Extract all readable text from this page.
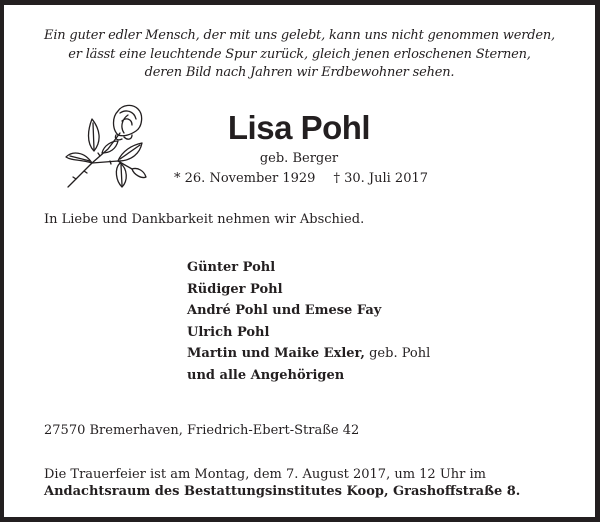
Ein guter edler Mensch, der mit uns gelebt, kann uns nicht genommen werden,
er lässt eine leuchtende Spur zurück, gleich jenen erloschenen Sternen,
deren Bild nach Jahren wir Erdbewohner sehen.
Lisa Pohl
geb. Berger
* 26. November 1929 † 30. Juli 2017
In Liebe und Dankbarkeit nehmen wir Abschied.
Günter Pohl
Rüdiger Pohl
André Pohl und Emese Fay
Ulrich Pohl
Martin und Maike Exler, geb. Pohl
und alle Angehörigen
27570 Bremerhaven, Friedrich-Ebert-Straße 42
Die Trauerfeier ist am Montag, dem 7. August 2017, um 12 Uhr im
Andachtsraum des Bestattungsinstitutes Koop, Grashoffstraße 8.
